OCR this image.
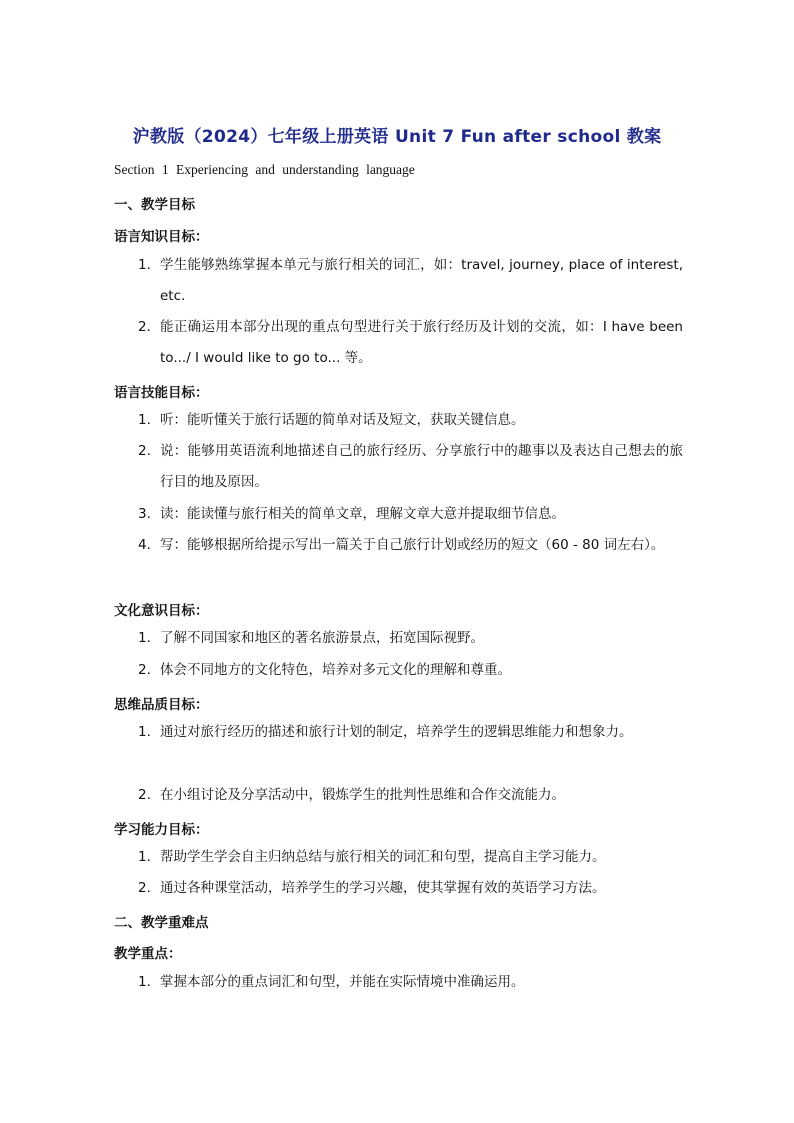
沪教版（2024）七年级上册英语 Unit 7 Fun after school 教案
Section 1 Experiencing and understanding language
一、教学目标
语言知识目标：
1. 学生能够熟练掌握本单元与旅行相关的词汇，如：travel, journey, place of interest, etc.
2. 能正确运用本部分出现的重点句型进行关于旅行经历及计划的交流，如：I have been to.../ I would like to go to... 等。
语言技能目标：
1. 听：能听懂关于旅行话题的简单对话及短文，获取关键信息。
2. 说：能够用英语流利地描述自己的旅行经历、分享旅行中的趣事以及表达自己想去的旅行目的地及原因。
3. 读：能读懂与旅行相关的简单文章，理解文章大意并提取细节信息。
4. 写：能够根据所给提示写出一篇关于自己旅行计划或经历的短文（60 - 80 词左右）。
文化意识目标：
1. 了解不同国家和地区的著名旅游景点，拓宽国际视野。
2. 体会不同地方的文化特色，培养对多元文化的理解和尊重。
思维品质目标：
1. 通过对旅行经历的描述和旅行计划的制定，培养学生的逻辑思维能力和想象力。
2. 在小组讨论及分享活动中，锻炼学生的批判性思维和合作交流能力。
学习能力目标：
1. 帮助学生学会自主归纳总结与旅行相关的词汇和句型，提高自主学习能力。
2. 通过各种课堂活动，培养学生的学习兴趣，使其掌握有效的英语学习方法。
二、教学重难点
教学重点：
1. 掌握本部分的重点词汇和句型，并能在实际情境中准确运用。
